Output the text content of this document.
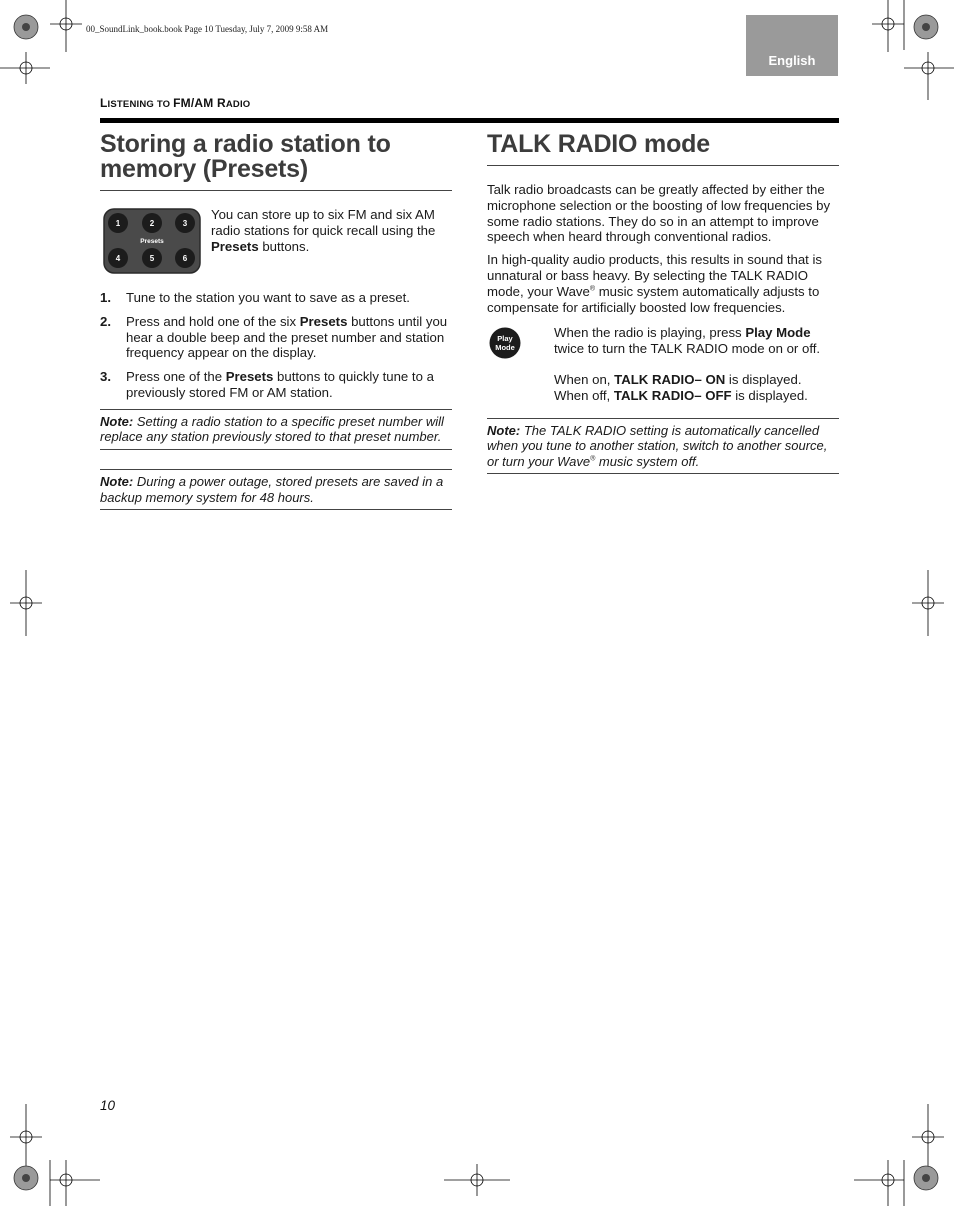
00_SoundLink_book.book Page 10 Tuesday, July 7, 2009 9:58 AM
English
LISTENING TO FM/AM RADIO
Storing a radio station to
memory (Presets)
1	2	3
Presets
4	5	6

You can store up to six FM and six AM radio stations for quick recall using the Presets buttons.

1.	Tune to the station you want to save as a preset.
2.	Press and hold one of the six Presets buttons until you hear a double beep and the preset number and station frequency appear on the display.
3.	Press one of the Presets buttons to quickly tune to a previously stored FM or AM station.

Note: Setting a radio station to a specific preset number will replace any station previously stored to that preset number.

Note: During a power outage, stored presets are saved in a backup memory system for 48 hours.

TALK RADIO mode

Talk radio broadcasts can be greatly affected by either the microphone selection or the boosting of low frequencies by some radio stations. They do so in an attempt to improve speech when heard through conventional radios.

In high-quality audio products, this results in sound that is unnatural or bass heavy. By selecting the TALK RADIO mode, your Wave® music system automatically adjusts to compensate for artificially boosted low frequencies.

Play
Mode

When the radio is playing, press Play Mode twice to turn the TALK RADIO mode on or off.

When on, TALK RADIO– ON is displayed.

When off, TALK RADIO– OFF is displayed.

Note: The TALK RADIO setting is automatically cancelled when you tune to another station, switch to another source, or turn your Wave® music system off.

10
